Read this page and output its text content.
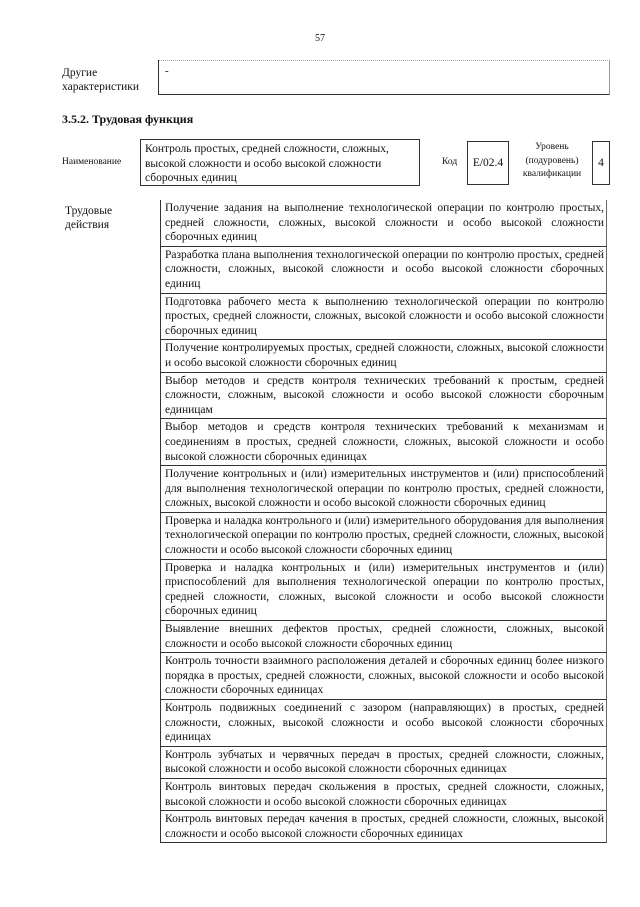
57
Другие характеристики
-
3.5.2. Трудовая функция
Наименование
Контроль простых, средней сложности, сложных, высокой сложности и особо высокой сложности сборочных единиц
Код	E/02.4
Уровень (подуровень) квалификации
4
Трудовые действия
Получение задания на выполнение технологической операции по контролю простых, средней сложности, сложных, высокой сложности и особо высокой сложности сборочных единиц
Разработка плана выполнения технологической операции по контролю простых, средней сложности, сложных, высокой сложности и особо высокой сложности сборочных единиц
Подготовка рабочего места к выполнению технологической операции по контролю простых, средней сложности, сложных, высокой сложности и особо высокой сложности сборочных единиц
Получение контролируемых простых, средней сложности, сложных, высокой сложности и особо высокой сложности сборочных единиц
Выбор методов и средств контроля технических требований к простым, средней сложности, сложным, высокой сложности и особо высокой сложности сборочным единицам
Выбор методов и средств контроля технических требований к механизмам и соединениям в простых, средней сложности, сложных, высокой сложности и особо высокой сложности сборочных единицах
Получение контрольных и (или) измерительных инструментов и (или) приспособлений для выполнения технологической операции по контролю простых, средней сложности, сложных, высокой сложности и особо высокой сложности сборочных единиц
Проверка и наладка контрольного и (или) измерительного оборудования для выполнения технологической операции по контролю простых, средней сложности, сложных, высокой сложности и особо высокой сложности сборочных единиц
Проверка и наладка контрольных и (или) измерительных инструментов и (или) приспособлений для выполнения технологической операции по контролю простых, средней сложности, сложных, высокой сложности и особо высокой сложности сборочных единиц
Выявление внешних дефектов простых, средней сложности, сложных, высокой сложности и особо высокой сложности сборочных единиц
Контроль точности взаимного расположения деталей и сборочных единиц более низкого порядка в простых, средней сложности, сложных, высокой сложности и особо высокой сложности сборочных единицах
Контроль подвижных соединений с зазором (направляющих) в простых, средней сложности, сложных, высокой сложности и особо высокой сложности сборочных единицах
Контроль зубчатых и червячных передач в простых, средней сложности, сложных, высокой сложности и особо высокой сложности сборочных единицах
Контроль винтовых передач скольжения в простых, средней сложности, сложных, высокой сложности и особо высокой сложности сборочных единицах
Контроль винтовых передач качения в простых, средней сложности, сложных, высокой сложности и особо высокой сложности сборочных единицах
